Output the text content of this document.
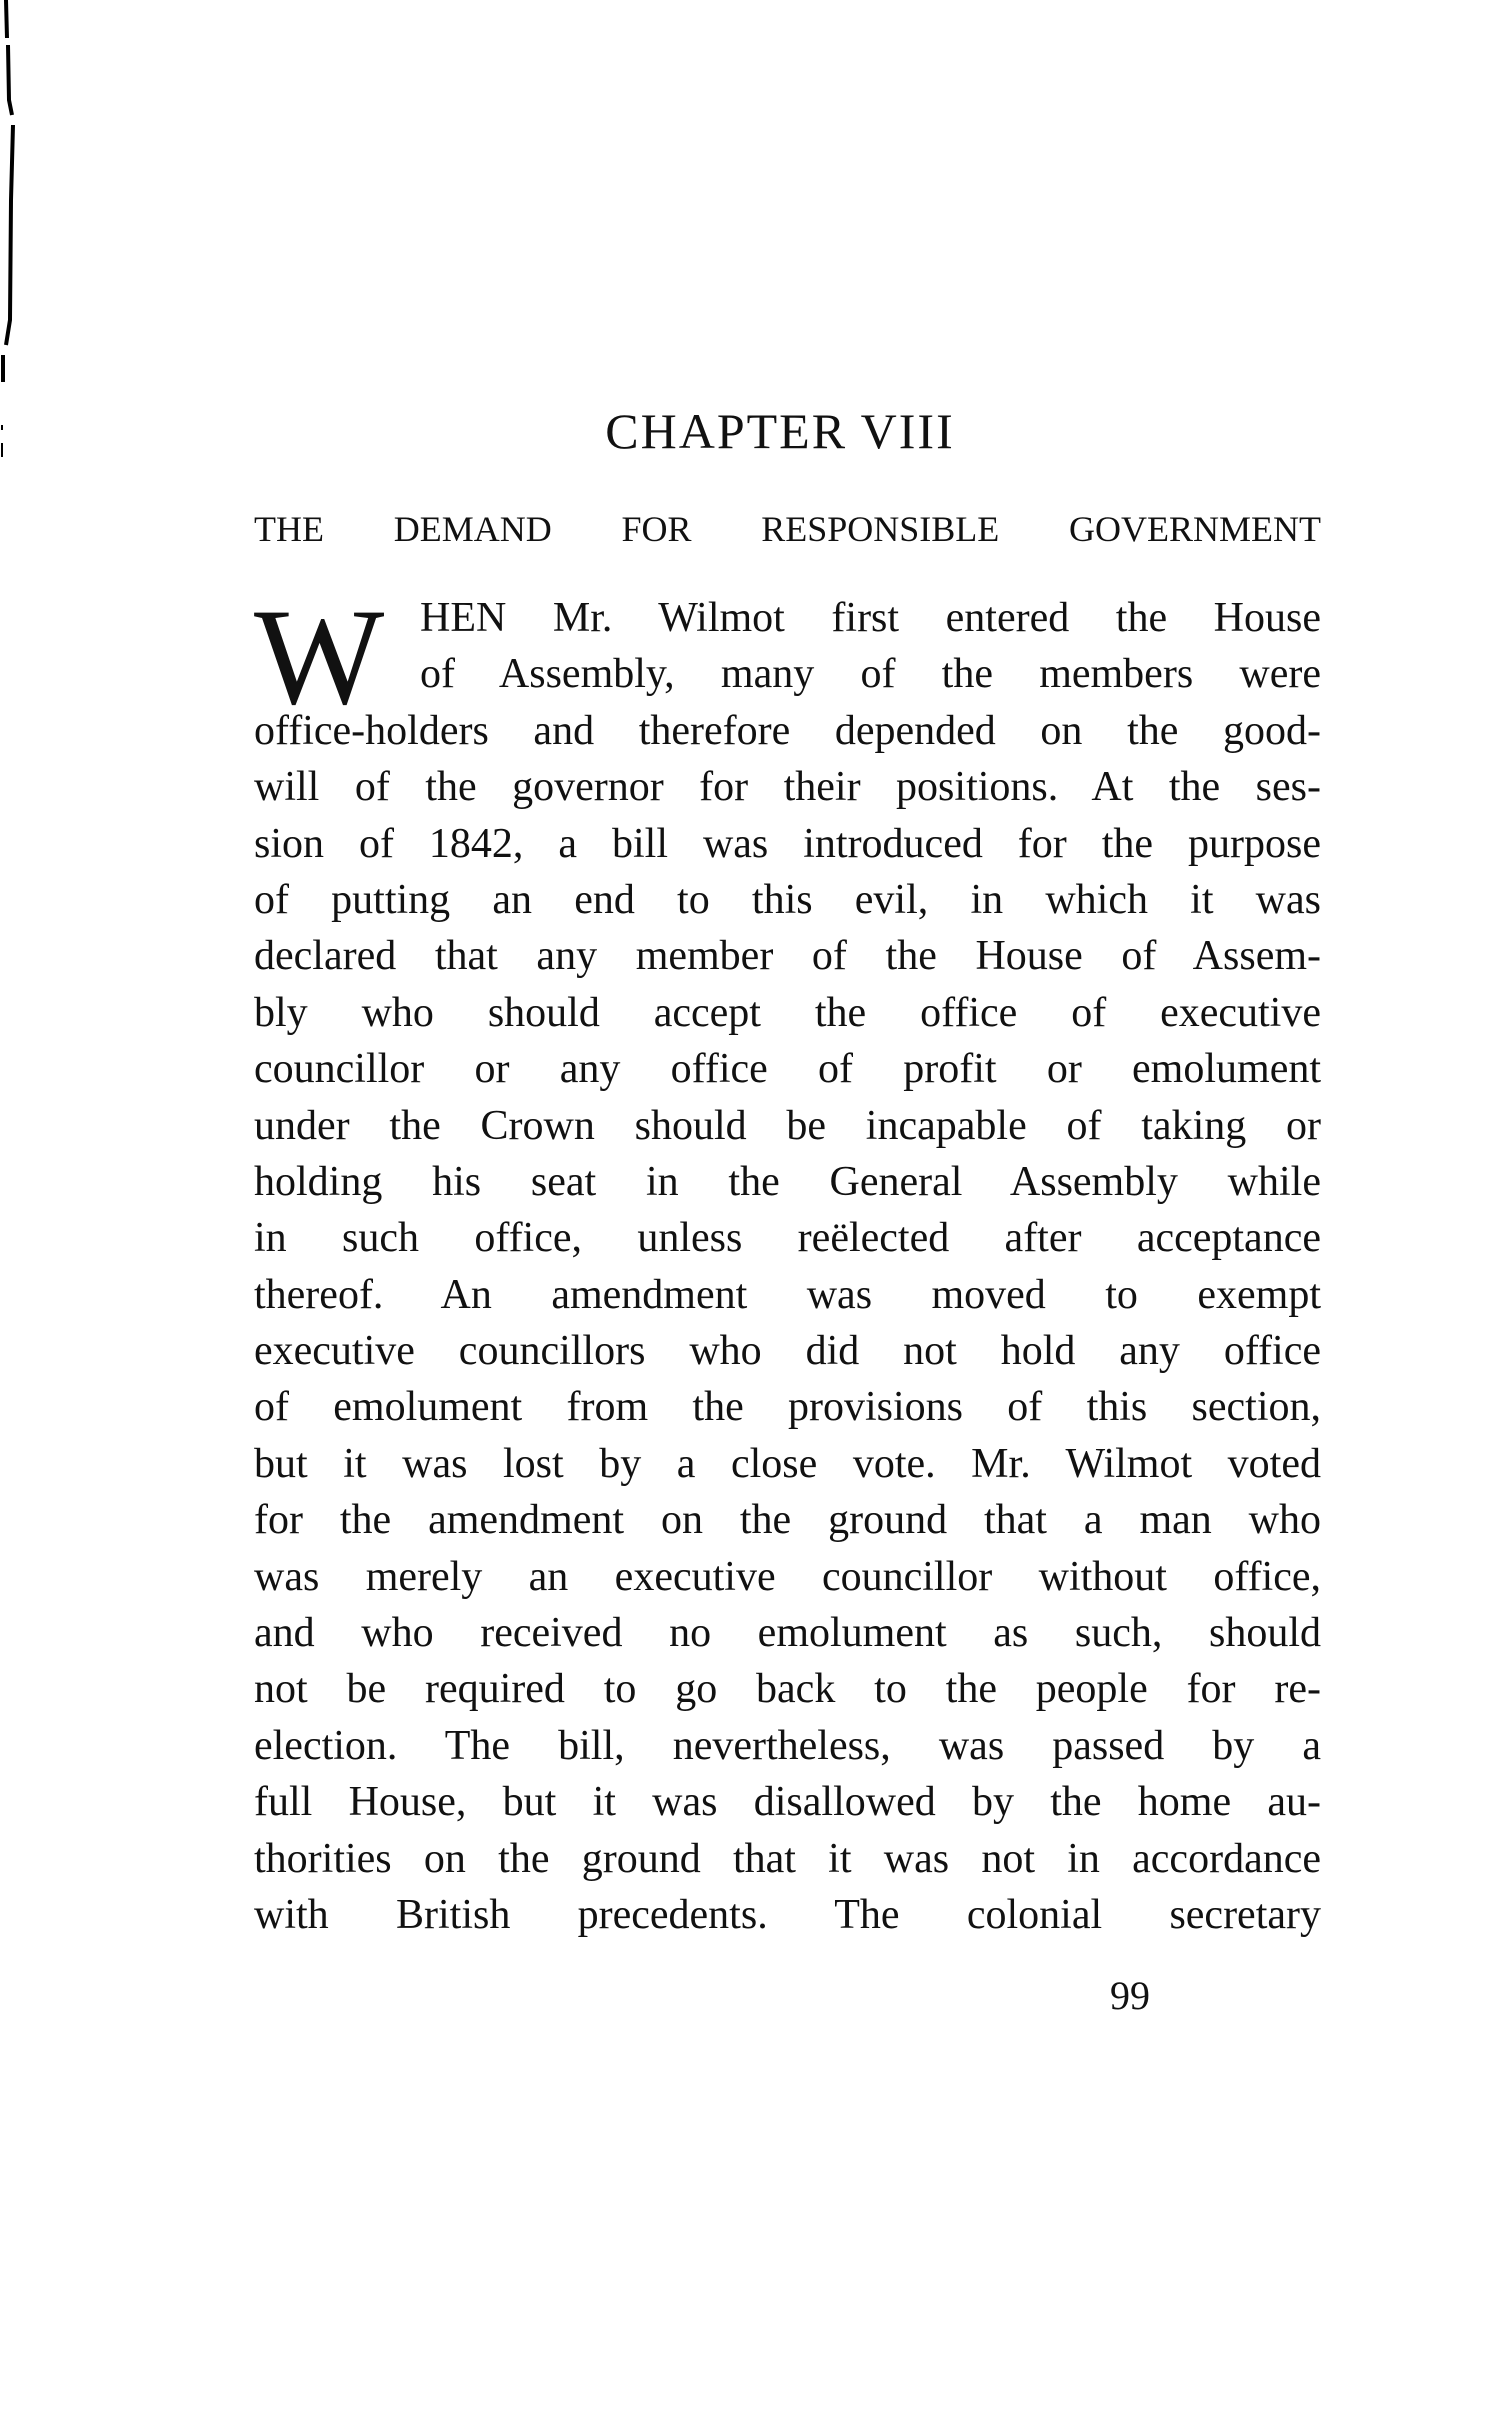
CHAPTER VIII
THE DEMAND FOR RESPONSIBLE GOVERNMENT
W HEN Mr. Wilmot first entered the House
of Assembly, many of the members were
office-holders and therefore depended on the good-
will of the governor for their positions. At the ses-
sion of 1842, a bill was introduced for the purpose
of putting an end to this evil, in which it was
declared that any member of the House of Assem-
bly who should accept the office of executive
councillor or any office of profit or emolument
under the Crown should be incapable of taking or
holding his seat in the General Assembly while
in such office, unless reëlected after acceptance
thereof. An amendment was moved to exempt
executive councillors who did not hold any office
of emolument from the provisions of this section,
but it was lost by a close vote. Mr. Wilmot voted
for the amendment on the ground that a man who
was merely an executive councillor without office,
and who received no emolument as such, should
not be required to go back to the people for re-
election. The bill, nevertheless, was passed by a
full House, but it was disallowed by the home au-
thorities on the ground that it was not in accordance
with British precedents. The colonial secretary
99
